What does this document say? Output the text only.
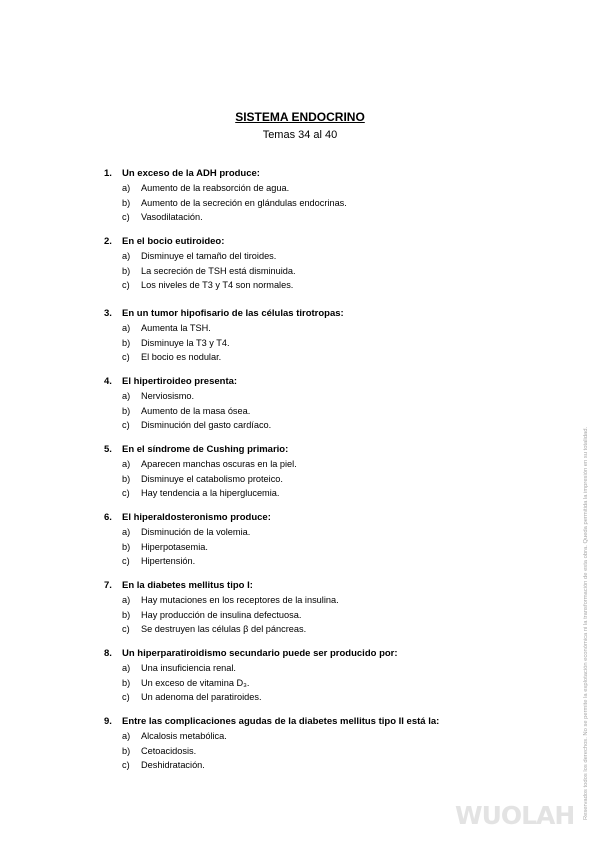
SISTEMA ENDOCRINO
Temas 34 al 40
1. Un exceso de la ADH produce:
a) Aumento de la reabsorción de agua.
b) Aumento de la secreción en glándulas endocrinas.
c) Vasodilatación.
2. En el bocio eutiroideo:
a) Disminuye el tamaño del tiroides.
b) La secreción de TSH está disminuida.
c) Los niveles de T3 y T4 son normales.
3. En un tumor hipofisario de las células tirotropas:
a) Aumenta la TSH.
b) Disminuye la T3 y T4.
c) El bocio es nodular.
4. El hipertiroideo presenta:
a) Nerviosismo.
b) Aumento de la masa ósea.
c) Disminución del gasto cardíaco.
5. En el síndrome de Cushing primario:
a) Aparecen manchas oscuras en la piel.
b) Disminuye el catabolismo proteico.
c) Hay tendencia a la hiperglucemia.
6. El hiperaldosteronismo produce:
a) Disminución de la volemia.
b) Hiperpotasemia.
c) Hipertensión.
7. En la diabetes mellitus tipo I:
a) Hay mutaciones en los receptores de la insulina.
b) Hay producción de insulina defectuosa.
c) Se destruyen las células β del páncreas.
8. Un hiperparatiroidismo secundario puede ser producido por:
a) Una insuficiencia renal.
b) Un exceso de vitamina D₃.
c) Un adenoma del paratiroides.
9. Entre las complicaciones agudas de la diabetes mellitus tipo II está la:
a) Alcalosis metabólica.
b) Cetoacidosis.
c) Deshidratación.	Reservados todos los derechos. No se permite la explotación económica ni la transformación de esta obra. Queda permitida la impresión en su totalidad.
WUOLAH
